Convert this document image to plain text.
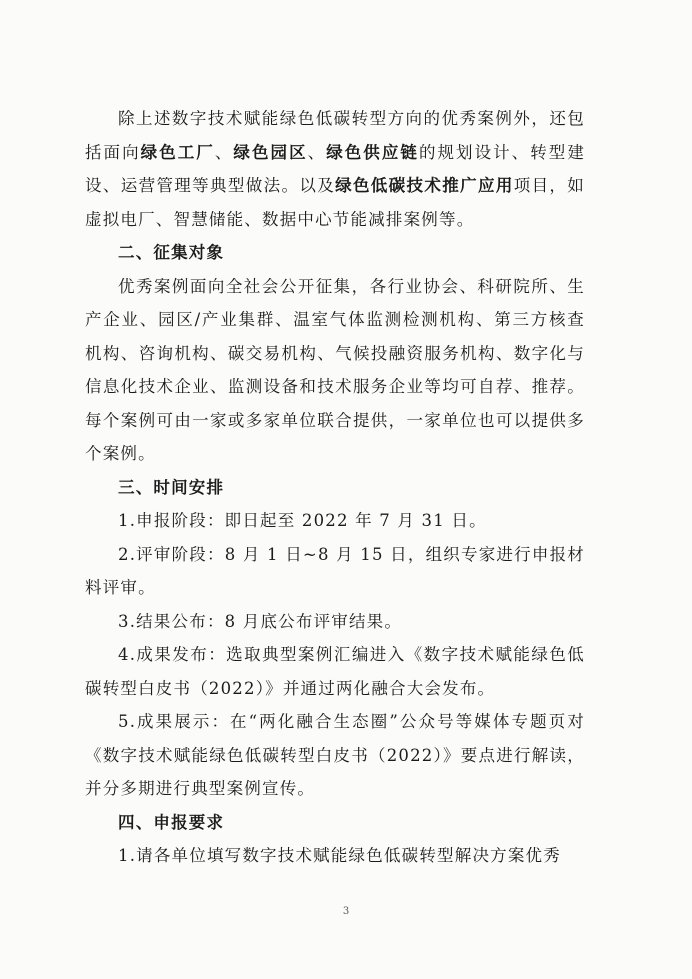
除上述数字技术赋能绿色低碳转型方向的优秀案例外，还包括面向绿色工厂、绿色园区、绿色供应链的规划设计、转型建设、运营管理等典型做法。以及绿色低碳技术推广应用项目，如虚拟电厂、智慧储能、数据中心节能减排案例等。

二、征集对象

优秀案例面向全社会公开征集，各行业协会、科研院所、生产企业、园区/产业集群、温室气体监测检测机构、第三方核查机构、咨询机构、碳交易机构、气候投融资服务机构、数字化与信息化技术企业、监测设备和技术服务企业等均可自荐、推荐。每个案例可由一家或多家单位联合提供，一家单位也可以提供多个案例。

三、时间安排

1.申报阶段：即日起至 2022 年 7 月 31 日。

2.评审阶段：8 月 1 日~8 月 15 日，组织专家进行申报材料评审。

3.结果公布：8 月底公布评审结果。

4.成果发布：选取典型案例汇编进入《数字技术赋能绿色低碳转型白皮书（2022）》并通过两化融合大会发布。

5.成果展示：在“两化融合生态圈”公众号等媒体专题页对《数字技术赋能绿色低碳转型白皮书（2022）》要点进行解读，并分多期进行典型案例宣传。

四、申报要求

1.请各单位填写数字技术赋能绿色低碳转型解决方案优秀

3
